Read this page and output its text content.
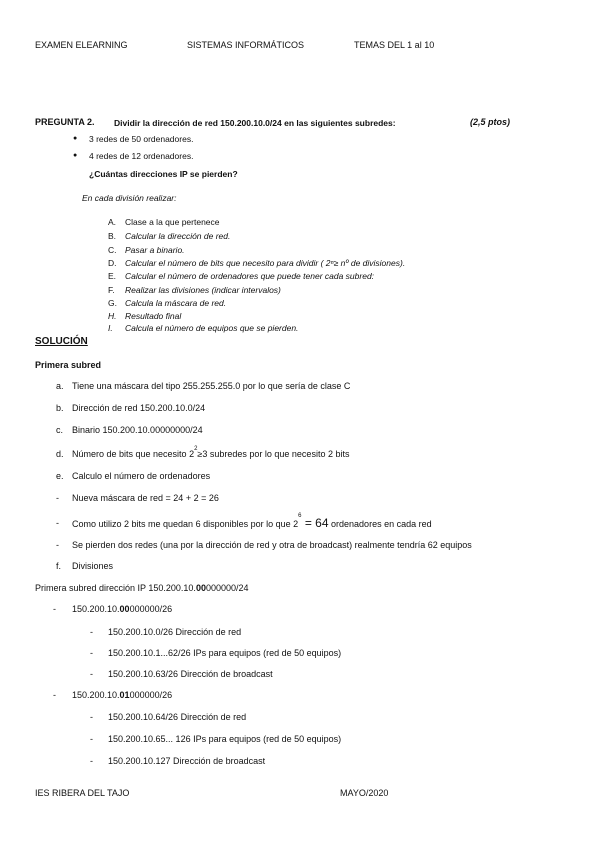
EXAMEN ELEARNING	SISTEMAS INFORMÁTICOS	TEMAS DEL 1 al 10
PREGUNTA 2. Dividir la dirección de red 150.200.10.0/24 en las siguientes subredes:	(2,5 ptos)
● 3 redes de 50 ordenadores.
● 4 redes de 12 ordenadores.
¿Cuántas direcciones IP se pierden?
En cada división realizar:
A. Clase a la que pertenece
B. Calcular la dirección de red.
C. Pasar a binario.
D. Calcular el número de bits que necesito para dividir ( 2ⁿ≥ nº de divisiones).
E. Calcular el número de ordenadores que puede tener cada subred:
F. Realizar las divisiones (indicar intervalos)
G. Calcula la máscara de red.
H. Resultado final
I. Calcula el número de equipos que se pierden.
SOLUCIÓN
Primera subred
a. Tiene una máscara del tipo 255.255.255.0 por lo que sería de clase C
b. Dirección de red 150.200.10.0/24
c. Binario 150.200.10.00000000/24
d. Número de bits que necesito $2^2\ge 3$ subredes por lo que necesito 2 bits
e. Calculo el número de ordenadores
- Nueva máscara de red = 24 + 2 = 26
- Como utilizo 2 bits me quedan 6 disponibles por lo que $2^6 = 64$ ordenadores en cada red
- Se pierden dos redes (una por la dirección de red y otra de broadcast) realmente tendría 62 equipos
f. Divisiones
Primera subred dirección IP 150.200.10.00000000/24
- 150.200.10.00000000/26
- 150.200.10.0/26 Dirección de red
- 150.200.10.1...62/26 IPs para equipos (red de 50 equipos)
- 150.200.10.63/26 Dirección de broadcast
- 150.200.10.01000000/26
- 150.200.10.64/26 Dirección de red
- 150.200.10.65... 126 IPs para equipos (red de 50 equipos)
- 150.200.10.127 Dirección de broadcast
IES RIBERA DEL TAJO	MAYO/2020
